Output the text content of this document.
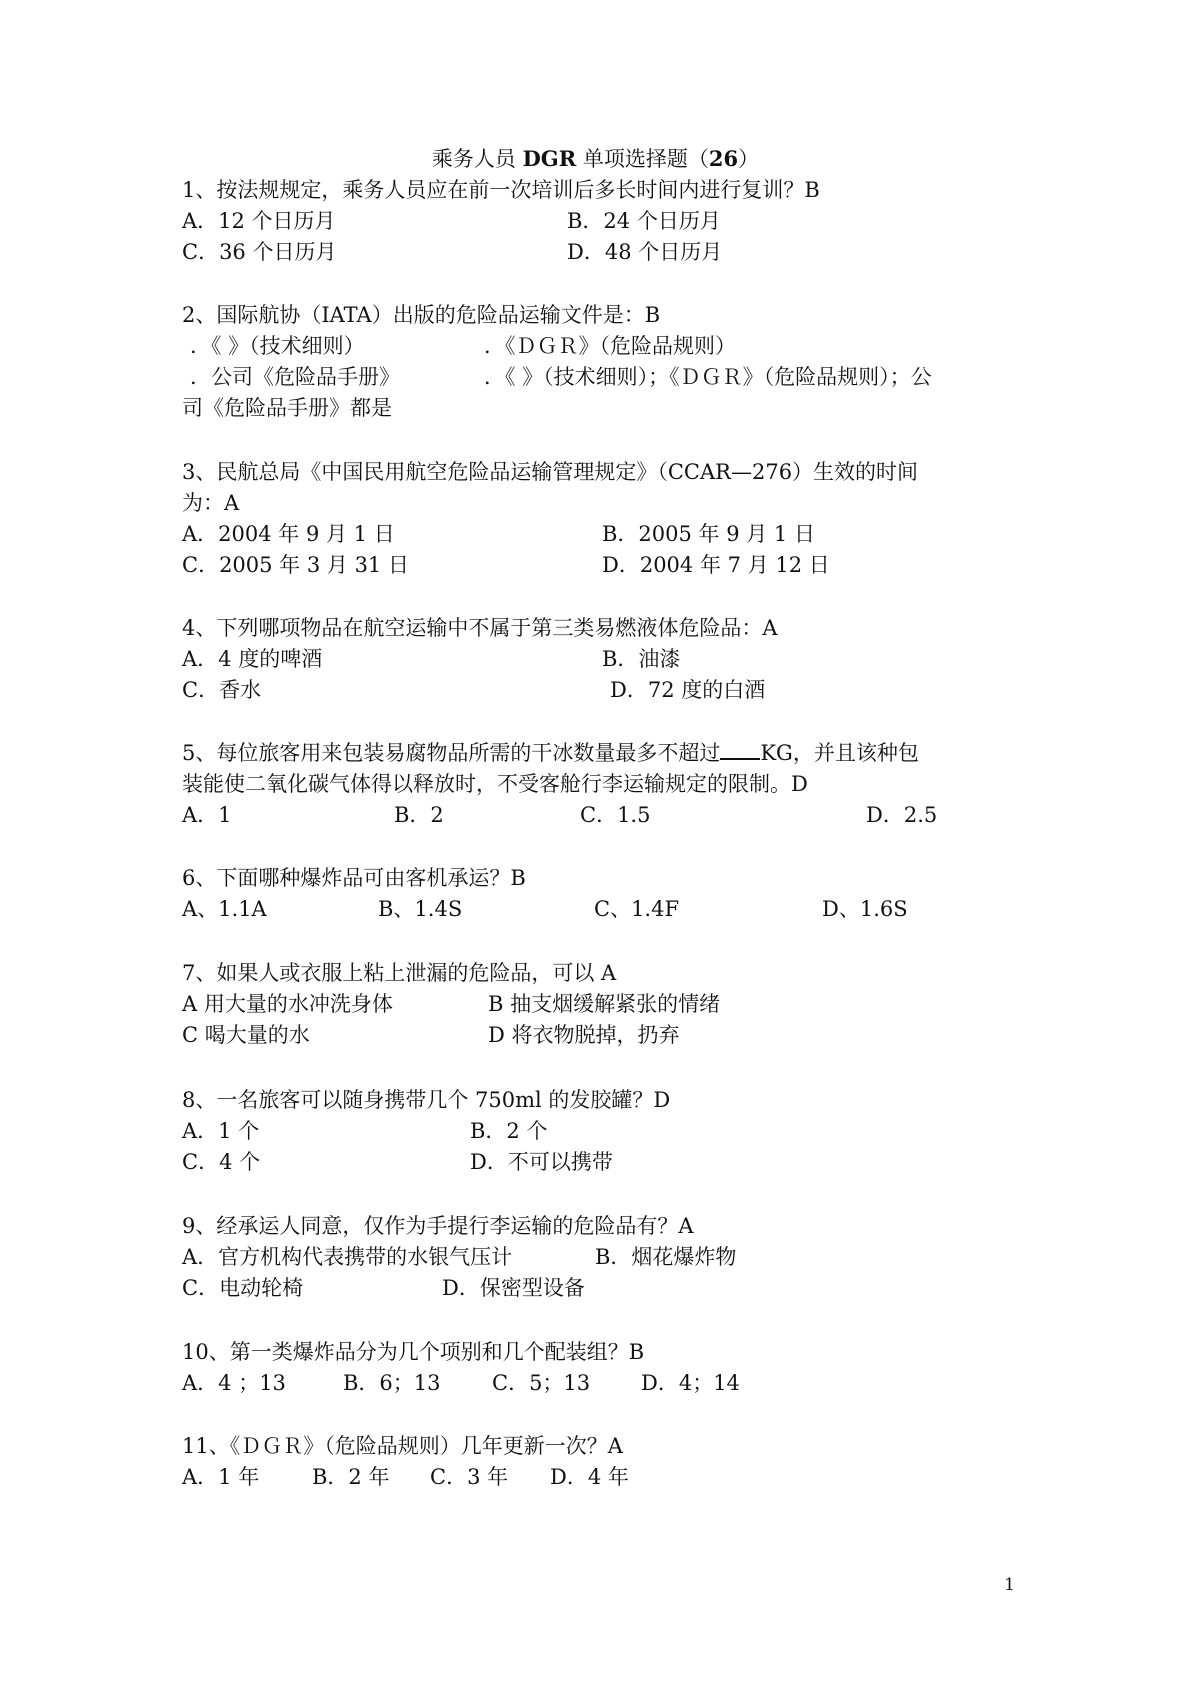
乘务人员 DGR 单项选择题（26）
1、按法规规定，乘务人员应在前一次培训后多长时间内进行复训？B
A．12 个日历月	B．24 个日历月
C．36 个日历月	D．48 个日历月
2、国际航协（IATA）出版的危险品运输文件是：B
．《 》（技术细则）	．《ＤＧＲ》（危险品规则）
．公司《危险品手册》	．《 》（技术细则）；《ＤＧＲ》（危险品规则）；公
司《危险品手册》都是
3、民航总局《中国民用航空危险品运输管理规定》（CCAR—276）生效的时间
为：A
A．2004 年 9 月 1 日	B．2005 年 9 月 1 日
C．2005 年 3 月 31 日	D．2004 年 7 月 12 日
4、下列哪项物品在航空运输中不属于第三类易燃液体危险品：A
A．4 度的啤酒	B．油漆
C．香水	D．72 度的白酒
5、每位旅客用来包装易腐物品所需的干冰数量最多不超过 KG，并且该种包
装能使二氧化碳气体得以释放时，不受客舱行李运输规定的限制。D
A．1	B．2	C．1.5	D．2.5
6、下面哪种爆炸品可由客机承运？B
A、1.1A	B、1.4S	C、1.4F	D、1.6S
7、如果人或衣服上粘上泄漏的危险品，可以 A
A 用大量的水冲洗身体	B 抽支烟缓解紧张的情绪
C 喝大量的水	D 将衣物脱掉，扔弃
8、一名旅客可以随身携带几个 750ml 的发胶罐？D
A．1 个	B．2 个
C．4 个	D．不可以携带
9、经承运人同意，仅作为手提行李运输的危险品有？A
A．官方机构代表携带的水银气压计	B．烟花爆炸物
C．电动轮椅	D．保密型设备
10、第一类爆炸品分为几个项别和几个配装组？B
A．4 ；13	B．6；13 C．5；13 D．4；14
11、《ＤＧＲ》（危险品规则）几年更新一次？A
A．1 年	B．2 年 C．3 年 D．4 年
1
